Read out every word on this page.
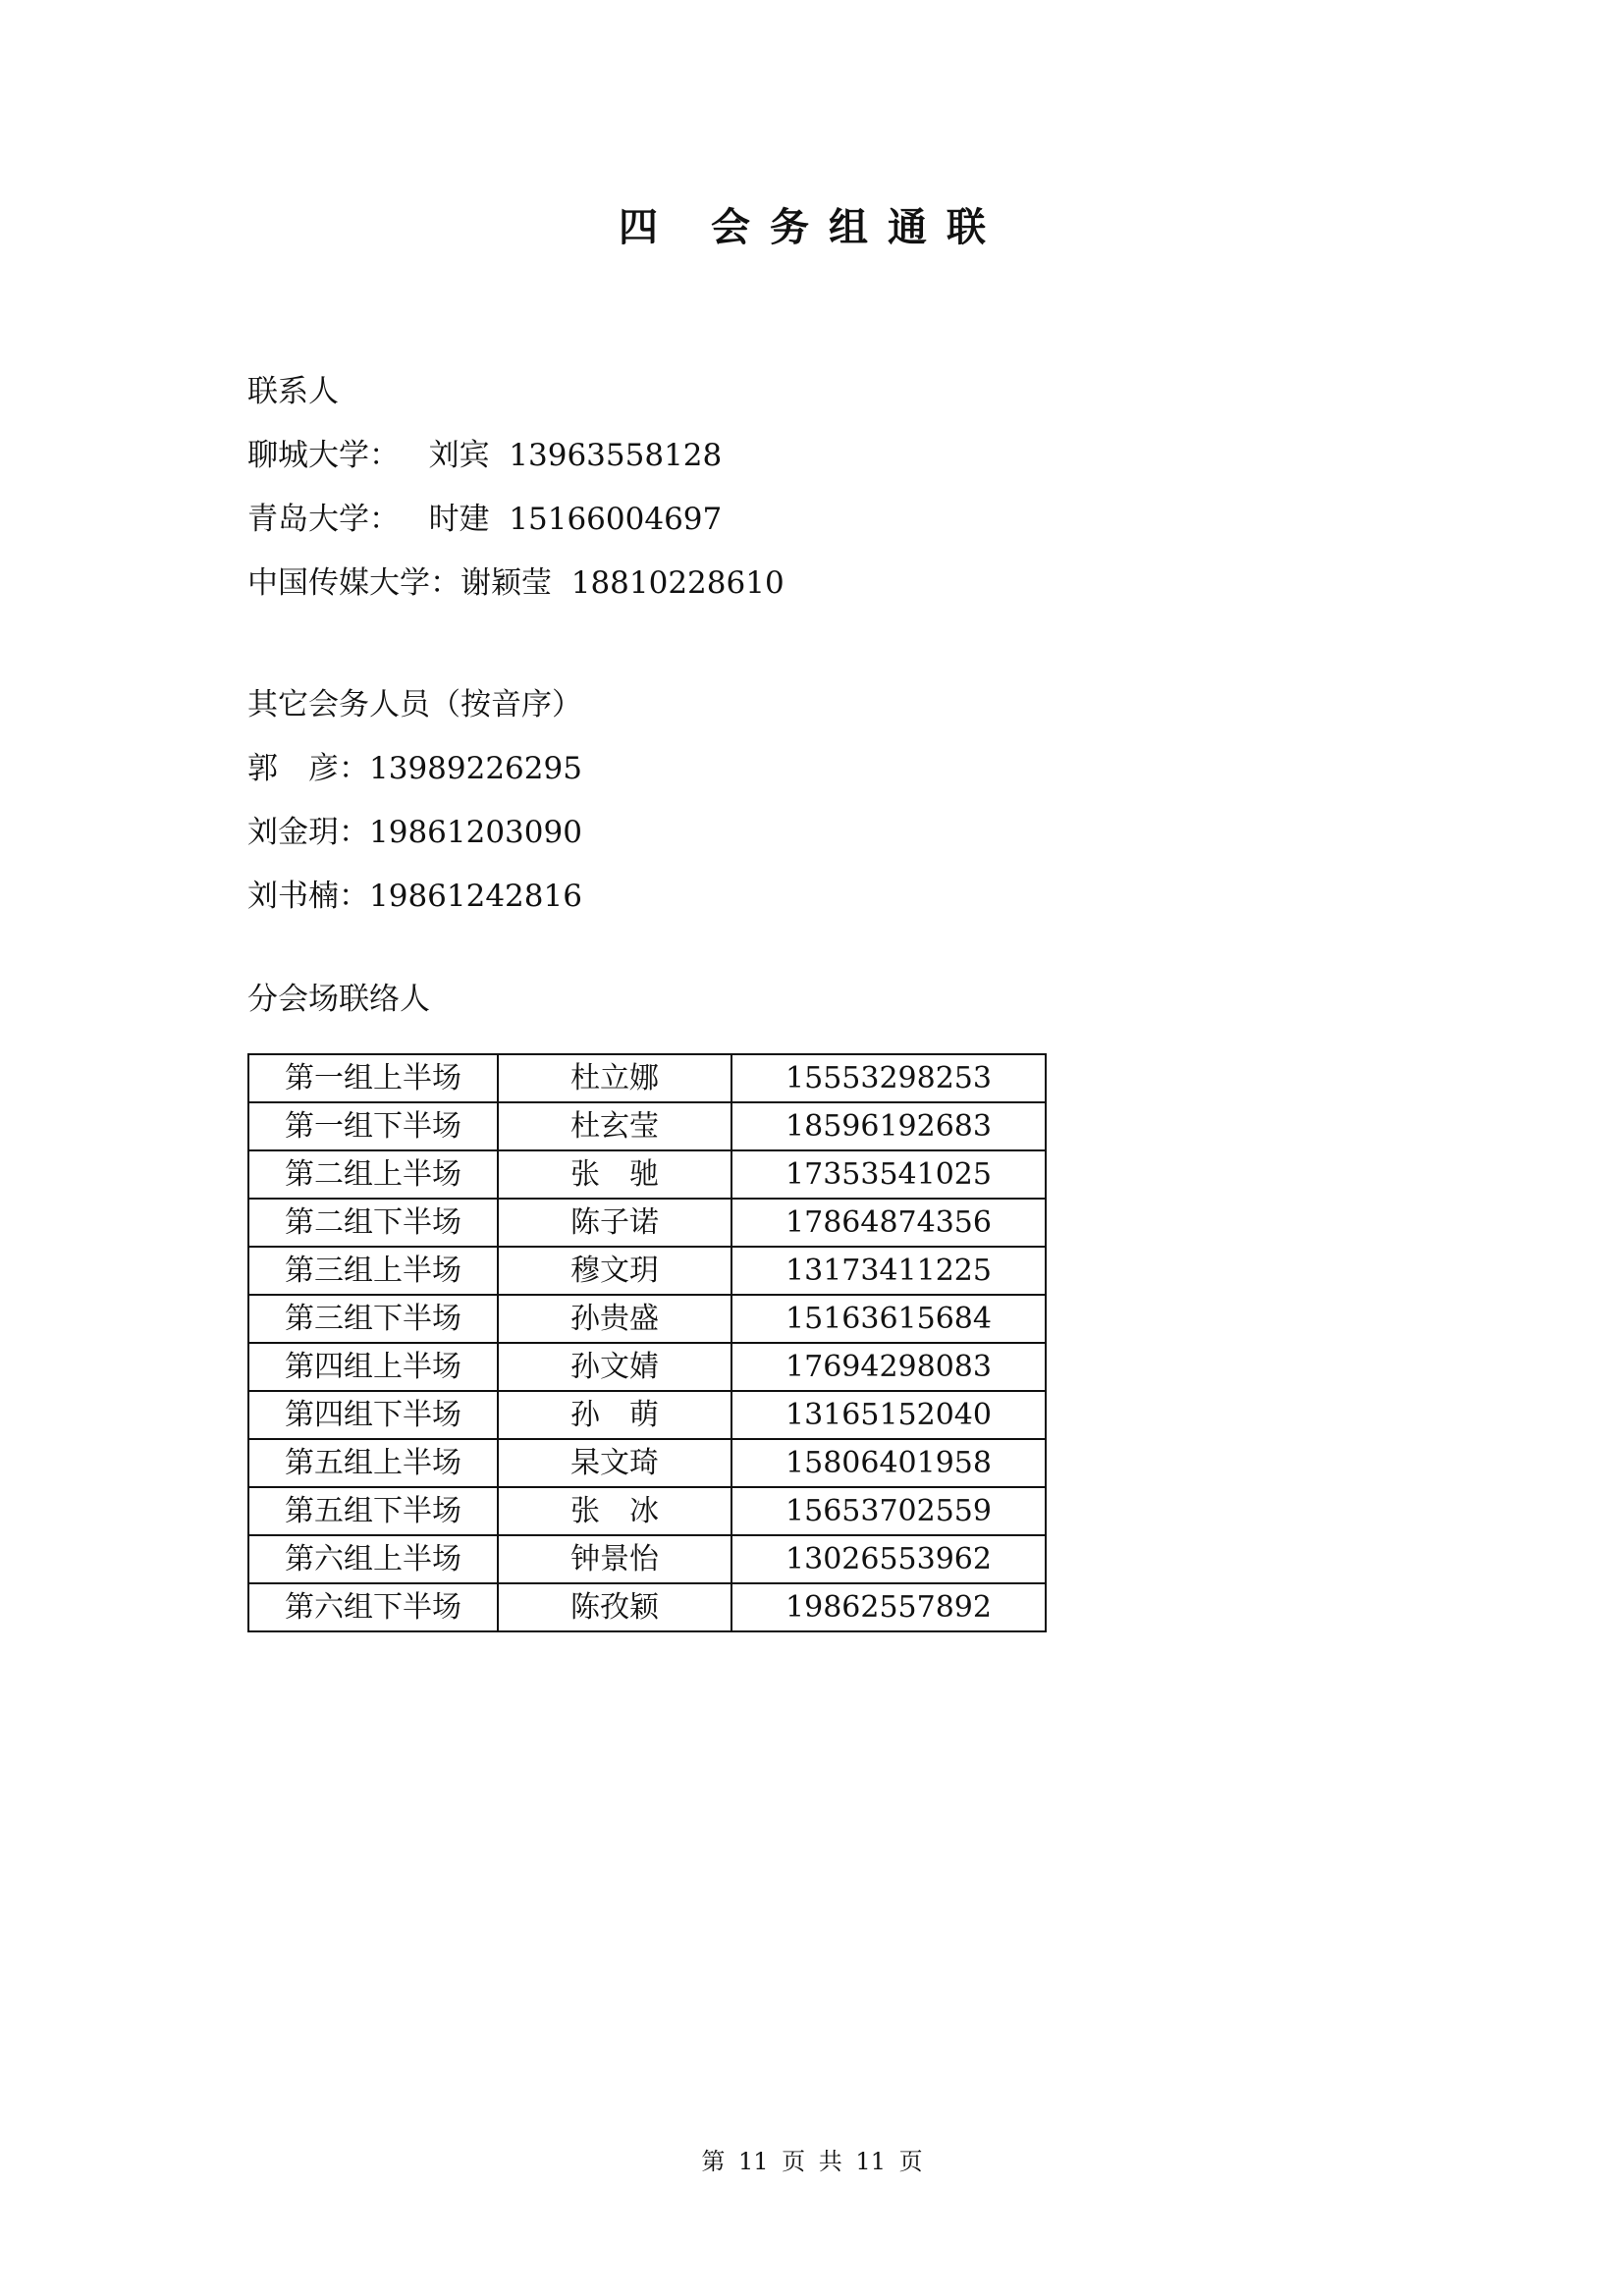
四 会务组通联
联系人
聊城大学： 刘宾 13963558128
青岛大学： 时建 15166004697
中国传媒大学：谢颖莹 18810228610
其它会务人员（按音序）
郭　彦：13989226295
刘金玥：19861203090
刘书楠：19861242816
分会场联络人
第一组上半场	杜立娜	15553298253
第一组下半场	杜玄莹	18596192683
第二组上半场	张　驰	17353541025
第二组下半场	陈子诺	17864874356
第三组上半场	穆文玥	13173411225
第三组下半场	孙贵盛	15163615684
第四组上半场	孙文婧	17694298083
第四组下半场	孙　萌	13165152040
第五组上半场	杲文琦	15806401958
第五组下半场	张　冰	15653702559
第六组上半场	钟景怡	13026553962
第六组下半场	陈孜颖	19862557892
第 11 页 共 11 页
